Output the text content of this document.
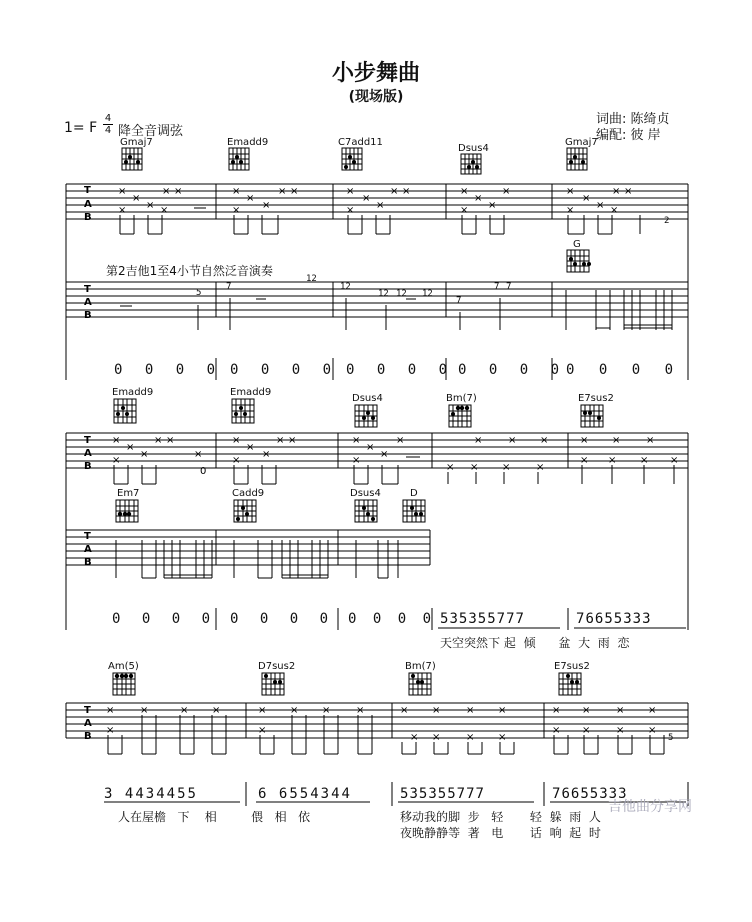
小步舞曲
(现场版)
1= F
4
4 降全音调弦
词曲: 陈绮贞
编配: 彼 岸
Gmaj7	Emadd9	C7add11
Dsus4
Gmaj7
G
T
A
B
×
×
×
× ×
×	×
×
×
×
× ×
×
×
×
×
× ×
×
×
×
×
×
×
×
×
×
× ×
×	×
T
A
B
T
A
B
×
×
×
× ×
×
×
×
×
×
× ×
×
×
×
×
×
×
×	× ×
× × ×	×
× ×	×
× × × ×
0
T
A
B
T
A
B
×	×	× ×
×
× × ×	×
×
× ×	× ×
× ×	× ×
× ×	× ×
× ×	× ×
第2吉他1至4小节自然泛音演奏
5
7
12
12
12 12 12
7
7 7
2
0 0 0 0 0 0 0 0 0 0 0 0 0 0 0 0 0 0 0 0
Emadd9	Emadd9
Dsus4	Bm(7)	E7sus2
Em7	Cadd9	Dsus4	D
0 0 0 0 0 0 0 0 0 0 0 0 535355777	76655333
天空突然下 起 倾 盆 大 雨 恋
Am(5)	D7sus2	Bm(7)	E7sus2
5
3 4434455	6 6554344	535355777	76655333
人在屋檐 下 相	偎 相 依	移动我的脚 步 轻 轻 躲 雨 人
夜晚静静等 著 电 话 响 起 时
吉他曲分享网
